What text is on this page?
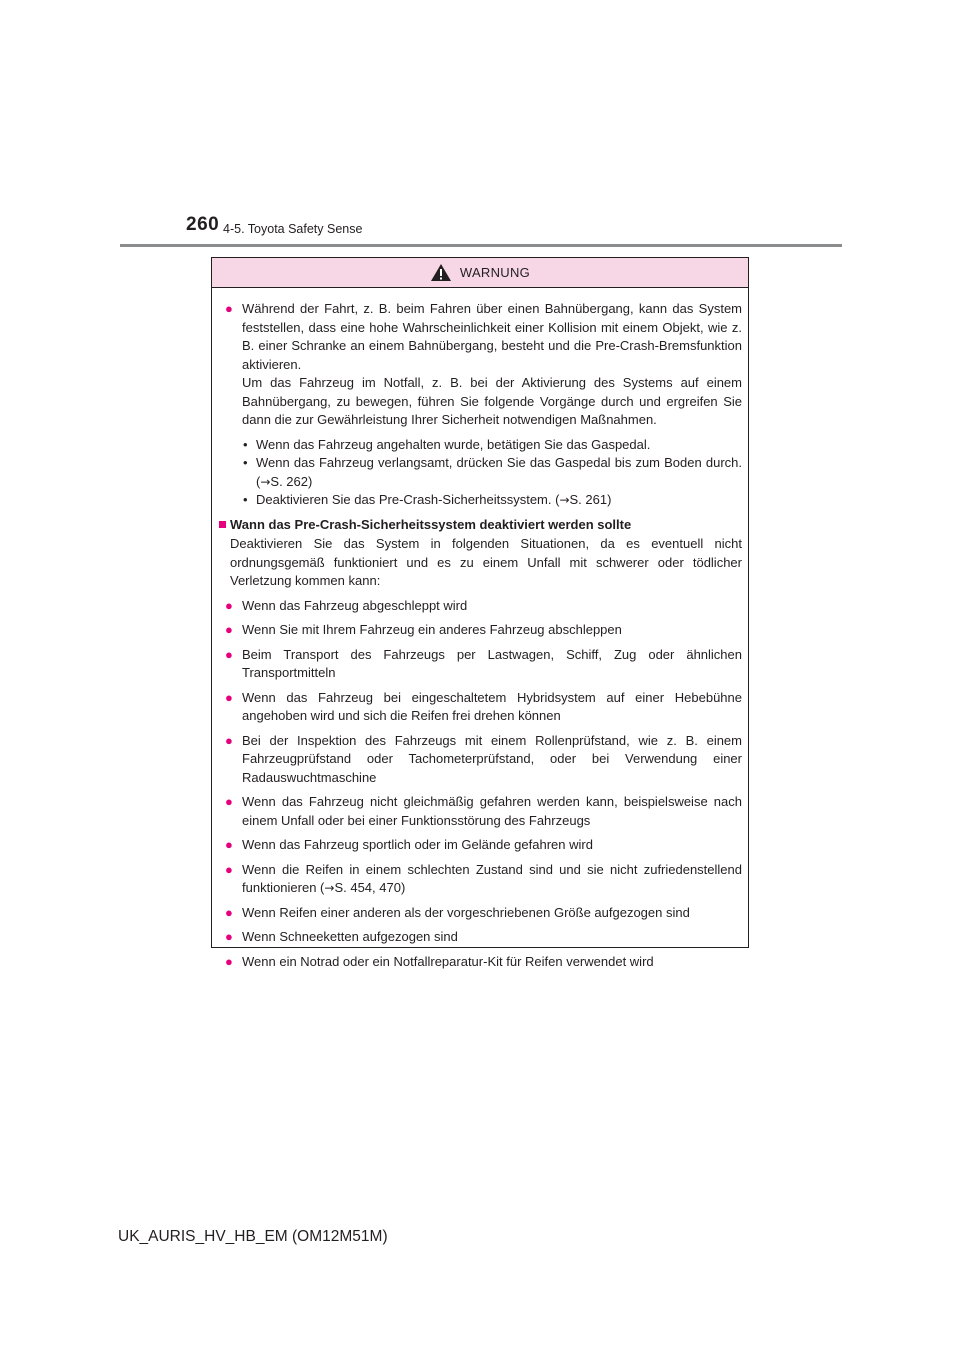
260 4-5. Toyota Safety Sense
WARNUNG
● Während der Fahrt, z. B. beim Fahren über einen Bahnübergang, kann das System feststellen, dass eine hohe Wahrscheinlichkeit einer Kollision mit einem Objekt, wie z. B. einer Schranke an einem Bahnübergang, besteht und die Pre-Crash-Bremsfunktion aktivieren.

Um das Fahrzeug im Notfall, z. B. bei der Aktivierung des Systems auf einem Bahnübergang, zu bewegen, führen Sie folgende Vorgänge durch und ergreifen Sie dann die zur Gewährleistung Ihrer Sicherheit notwendigen Maßnahmen.

• Wenn das Fahrzeug angehalten wurde, betätigen Sie das Gaspedal.
• Wenn das Fahrzeug verlangsamt, drücken Sie das Gaspedal bis zum Boden durch. (→S. 262)
• Deaktivieren Sie das Pre-Crash-Sicherheitssystem. (→S. 261)
Wann das Pre-Crash-Sicherheitssystem deaktiviert werden sollte
Deaktivieren Sie das System in folgenden Situationen, da es eventuell nicht ordnungsgemäß funktioniert und es zu einem Unfall mit schwerer oder tödlicher Verletzung kommen kann:
● Wenn das Fahrzeug abgeschleppt wird
● Wenn Sie mit Ihrem Fahrzeug ein anderes Fahrzeug abschleppen
● Beim Transport des Fahrzeugs per Lastwagen, Schiff, Zug oder ähnlichen Transportmitteln
● Wenn das Fahrzeug bei eingeschaltetem Hybridsystem auf einer Hebebühne angehoben wird und sich die Reifen frei drehen können
● Bei der Inspektion des Fahrzeugs mit einem Rollenprüfstand, wie z. B. einem Fahrzeugprüfstand oder Tachometerprüfstand, oder bei Verwendung einer Radauswuchtmaschine
● Wenn das Fahrzeug nicht gleichmäßig gefahren werden kann, beispielsweise nach einem Unfall oder bei einer Funktionsstörung des Fahrzeugs
● Wenn das Fahrzeug sportlich oder im Gelände gefahren wird
● Wenn die Reifen in einem schlechten Zustand sind und sie nicht zufriedenstellend funktionieren (→S. 454, 470)
● Wenn Reifen einer anderen als der vorgeschriebenen Größe aufgezogen sind
● Wenn Schneeketten aufgezogen sind
● Wenn ein Notrad oder ein Notfallreparatur-Kit für Reifen verwendet wird
UK_AURIS_HV_HB_EM (OM12M51M)
